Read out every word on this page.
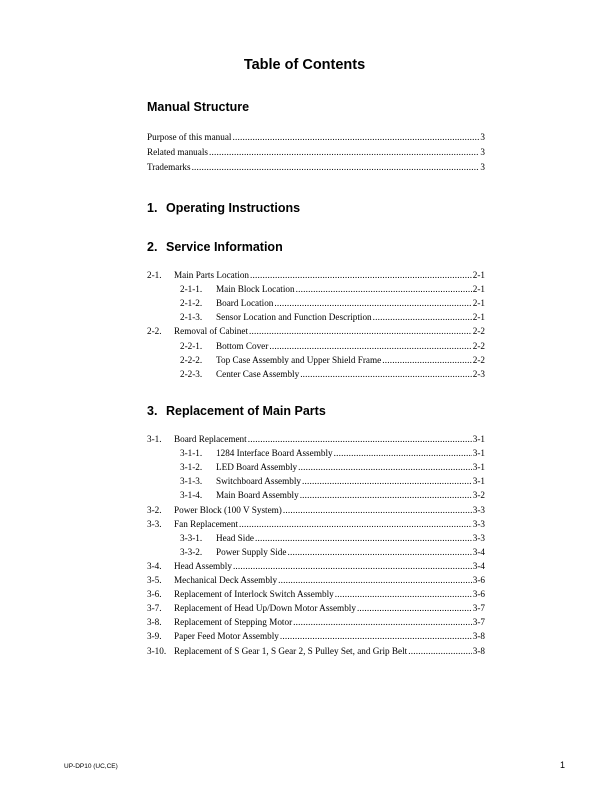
Table of Contents
Manual Structure
Purpose of this manual .....	3
Related manuals .....	3
Trademarks .....	3
1. Operating Instructions
2. Service Information
2-1.	Main Parts Location .....	2-1
2-1-1.	Main Block Location .....	2-1
2-1-2.	Board Location .....	2-1
2-1-3.	Sensor Location and Function Description .....	2-1
2-2.	Removal of Cabinet .....	2-2
2-2-1.	Bottom Cover .....	2-2
2-2-2.	Top Case Assembly and Upper Shield Frame .....	2-2
2-2-3.	Center Case Assembly .....	2-3
3. Replacement of Main Parts
3-1.	Board Replacement .....	3-1
3-1-1.	1284 Interface Board Assembly .....	3-1
3-1-2.	LED Board Assembly .....	3-1
3-1-3.	Switchboard Assembly .....	3-1
3-1-4.	Main Board Assembly .....	3-2
3-2.	Power Block (100 V System) .....	3-3
3-3.	Fan Replacement .....	3-3
3-3-1.	Head Side .....	3-3
3-3-2.	Power Supply Side .....	3-4
3-4.	Head Assembly .....	3-4
3-5.	Mechanical Deck Assembly .....	3-6
3-6.	Replacement of Interlock Switch Assembly .....	3-6
3-7.	Replacement of Head Up/Down Motor Assembly .....	3-7
3-8.	Replacement of Stepping Motor .....	3-7
3-9.	Paper Feed Motor Assembly .....	3-8
3-10. Replacement of S Gear 1, S Gear 2, S Pulley Set, and Grip Belt .....	3-8
UP-DP10 (UC,CE)	1
